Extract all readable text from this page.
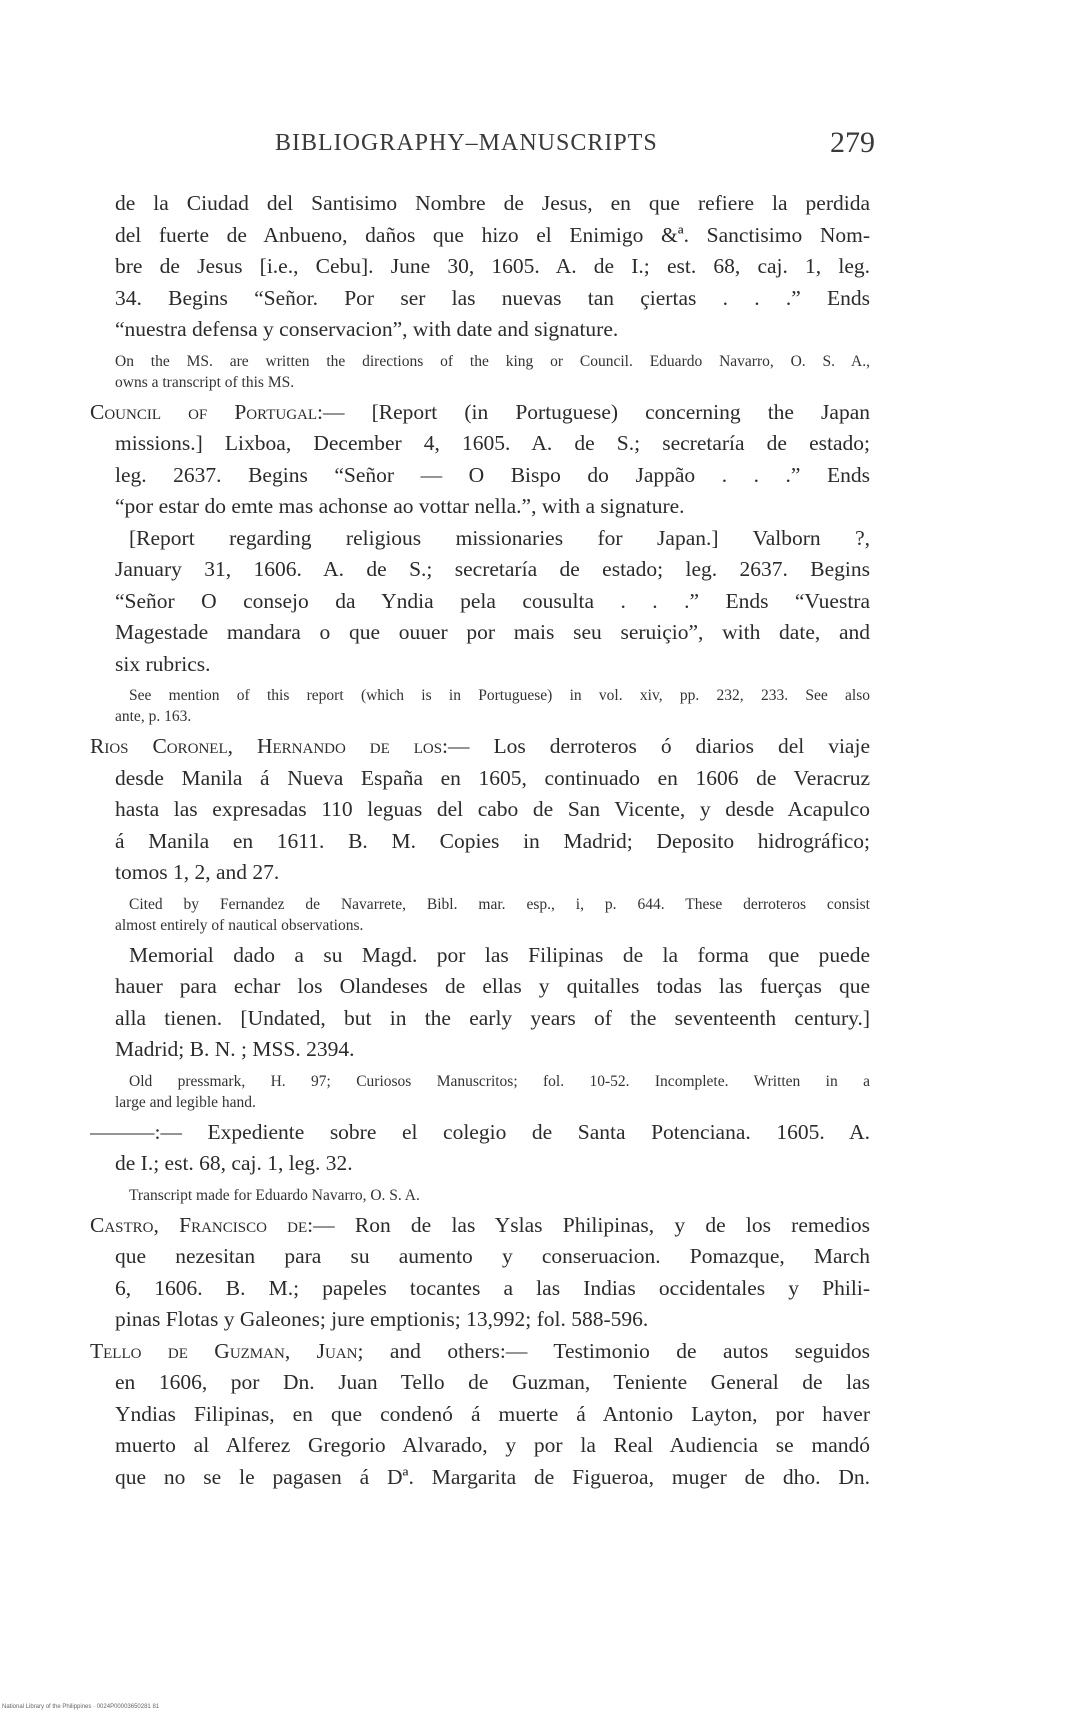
BIBLIOGRAPHY–MANUSCRIPTS	279
de la Ciudad del Santisimo Nombre de Jesus, en que refiere la perdida
del fuerte de Anbueno, daños que hizo el Enimigo &ª. Sanctisimo Nom-
bre de Jesus [i.e., Cebu]. June 30, 1605. A. de I.; est. 68, caj. 1, leg.
34. Begins “Señor. Por ser las nuevas tan çiertas . . .” Ends
“nuestra defensa y conservacion”, with date and signature.
On the MS. are written the directions of the king or Council. Eduardo Navarro, O. S. A.,
owns a transcript of this MS.
Council of Portugal:— [Report (in Portuguese) concerning the Japan
missions.] Lixboa, December 4, 1605. A. de S.; secretaría de estado;
leg. 2637. Begins “Señor — O Bispo do Jappão . . .” Ends
“por estar do emte mas achonse ao vottar nella.”, with a signature.
[Report regarding religious missionaries for Japan.] Valborn ?,
January 31, 1606. A. de S.; secretaría de estado; leg. 2637. Begins
“Señor O consejo da Yndia pela cousulta . . .” Ends “Vuestra
Magestade mandara o que ouuer por mais seu seruiçio”, with date, and
six rubrics.
See mention of this report (which is in Portuguese) in vol. xiv, pp. 232, 233. See also
ante, p. 163.
Rios Coronel, Hernando de los:— Los derroteros ó diarios del viaje
desde Manila á Nueva España en 1605, continuado en 1606 de Veracruz
hasta las expresadas 110 leguas del cabo de San Vicente, y desde Acapulco
á Manila en 1611. B. M. Copies in Madrid; Deposito hidrográfico;
tomos 1, 2, and 27.
Cited by Fernandez de Navarrete, Bibl. mar. esp., i, p. 644. These derroteros consist
almost entirely of nautical observations.
Memorial dado a su Magd. por las Filipinas de la forma que puede
hauer para echar los Olandeses de ellas y quitalles todas las fuerças que
alla tienen. [Undated, but in the early years of the seventeenth century.]
Madrid; B. N. ; MSS. 2394.
Old pressmark, H. 97; Curiosos Manuscritos; fol. 10-52. Incomplete. Written in a
large and legible hand.
———:— Expediente sobre el colegio de Santa Potenciana. 1605. A.
de I.; est. 68, caj. 1, leg. 32.
Transcript made for Eduardo Navarro, O. S. A.
Castro, Francisco de:— Ron de las Yslas Philipinas, y de los remedios
que nezesitan para su aumento y conseruacion. Pomazque, March
6, 1606. B. M.; papeles tocantes a las Indias occidentales y Phili-
pinas Flotas y Galeones; jure emptionis; 13,992; fol. 588-596.
Tello de Guzman, Juan; and others:— Testimonio de autos seguidos
en 1606, por Dn. Juan Tello de Guzman, Teniente General de las
Yndias Filipinas, en que condenó á muerte á Antonio Layton, por haver
muerto al Alferez Gregorio Alvarado, y por la Real Audiencia se mandó
que no se le pagasen á Dª. Margarita de Figueroa, muger de dho. Dn.
National Library of the Philippines · 0024P00003650281 81
